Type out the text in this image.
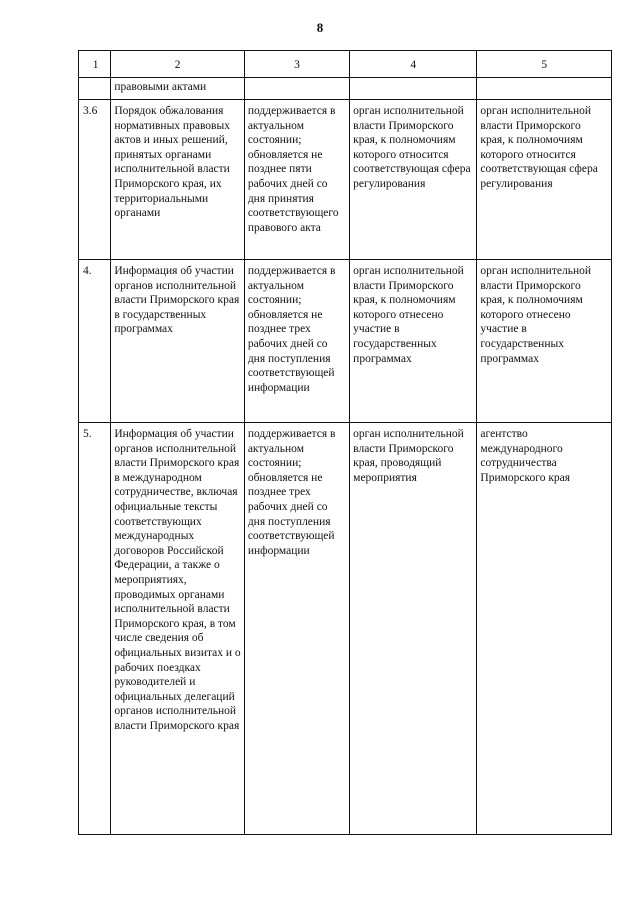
8
1	2	3	4	5
	правовыми актами			
3.6	Порядок обжалования нормативных правовых актов и иных решений, принятых органами исполнительной власти Приморского края, их территориальными органами	поддерживается в актуальном состоянии; обновляется не позднее пяти рабочих дней со дня принятия соответствующего правового акта	орган исполнительной власти Приморского края, к полномочиям которого относится соответствующая сфера регулирования	орган исполнительной власти Приморского края, к полномочиям которого относится соответствующая сфера регулирования
4.	Информация об участии органов исполнительной власти Приморского края в государственных программах	поддерживается в актуальном состоянии; обновляется не позднее трех рабочих дней со дня поступления соответствующей информации	орган исполнительной власти Приморского края, к полномочиям которого отнесено участие в государственных программах	орган исполнительной власти Приморского края, к полномочиям которого отнесено участие в государственных программах
5.	Информация об участии органов исполнительной власти Приморского края в международном сотрудничестве, включая официальные тексты соответствующих международных договоров Российской Федерации, а также о мероприятиях, проводимых органами исполнительной власти Приморского края, в том числе сведения об официальных визитах и о рабочих поездках руководителей и официальных делегаций органов исполнительной власти Приморского края	поддерживается в актуальном состоянии; обновляется не позднее трех рабочих дней со дня поступления соответствующей информации	орган исполнительной власти Приморского края, проводящий мероприятия	агентство международного сотрудничества Приморского края
